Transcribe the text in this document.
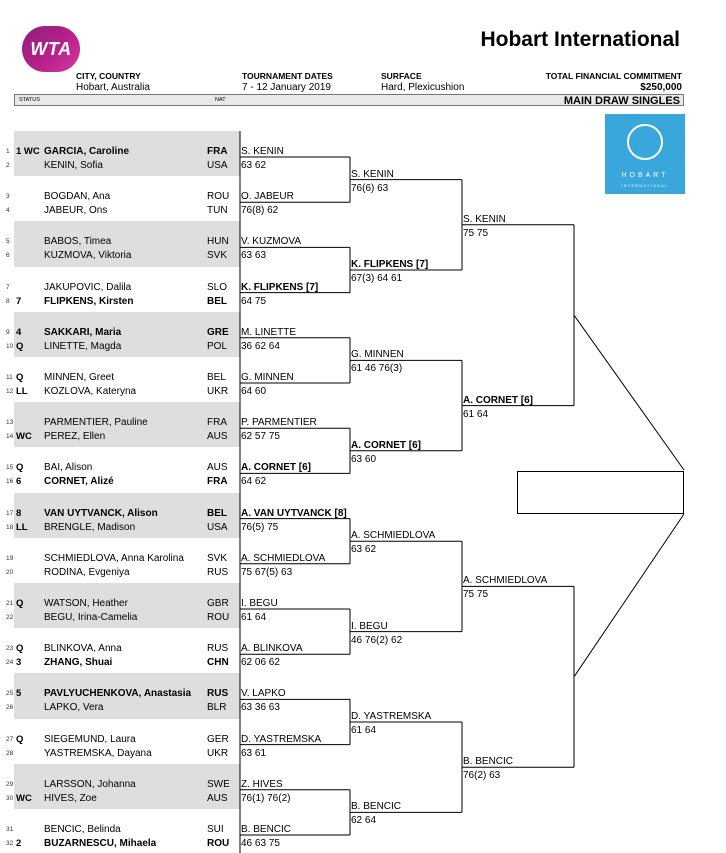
WTA	Hobart International
CITY, COUNTRY
Hobart, Australia
TOURNAMENT DATES
7 - 12 January 2019
SURFACE
Hard, Plexicushion
TOTAL FINANCIAL COMMITMENT
$250,000
STATUS	NAT	MAIN DRAW SINGLES
HOBART
INTERNATIONAL
1 1 WC GARCIA, Caroline	FRA
2	KENIN, Sofia	USA
3	BOGDAN, Ana	ROU
4	JABEUR, Ons	TUN
5	BABOS, Timea	HUN
6	KUZMOVA, Viktoria	SVK
7	JAKUPOVIC, Dalila	SLO
8 7	FLIPKENS, Kirsten	BEL
9 4	SAKKARI, Maria	GRE
10 Q	LINETTE, Magda	POL
11 Q	MINNEN, Greet	BEL
12 LL	KOZLOVA, Kateryna	UKR
13	PARMENTIER, Pauline	FRA
14 WC	PEREZ, Ellen	AUS
15 Q	BAI, Alison	AUS
16 6	CORNET, Alizé	FRA
17 8	VAN UYTVANCK, Alison	BEL
18 LL	BRENGLE, Madison	USA
19	SCHMIEDLOVA, Anna Karolina SVK
20	RODINA, Evgeniya	RUS
21 Q	WATSON, Heather	GBR
22	BEGU, Irina-Camelia	ROU
23 Q	BLINKOVA, Anna	RUS
24 3	ZHANG, Shuai	CHN
25 5	PAVLYUCHENKOVA, Anastasia RUS
26	LAPKO, Vera	BLR
27 Q	SIEGEMUND, Laura	GER
28	YASTREMSKA, Dayana	UKR
29	LARSSON, Johanna	SWE
30 WC	HIVES, Zoe	AUS
31	BENCIC, Belinda	SUI
32 2	BUZARNESCU, Mihaela	ROU
S. KENIN
63 62
O. JABEUR
76(8) 62
V. KUZMOVA
63 63
K. FLIPKENS [7]
64 75
M. LINETTE
36 62 64
G. MINNEN
64 60
P. PARMENTIER
62 57 75
A. CORNET [6]
64 62
A. VAN UYTVANCK [8]
76(5) 75
A. SCHMIEDLOVA
75 67(5) 63
I. BEGU
61 64
A. BLINKOVA
62 06 62
V. LAPKO
63 36 63
D. YASTREMSKA
63 61
Z. HIVES
76(1) 76(2)
B. BENCIC
46 63 75
S. KENIN
76(6) 63
K. FLIPKENS [7]
67(3) 64 61
G. MINNEN
61 46 76(3)
A. CORNET [6]
63 60
A. SCHMIEDLOVA
63 62
I. BEGU
46 76(2) 62
D. YASTREMSKA
61 64
B. BENCIC
62 64
S. KENIN
75 75
A. CORNET [6]
61 64
A. SCHMIEDLOVA
75 75
B. BENCIC
76(2) 63
